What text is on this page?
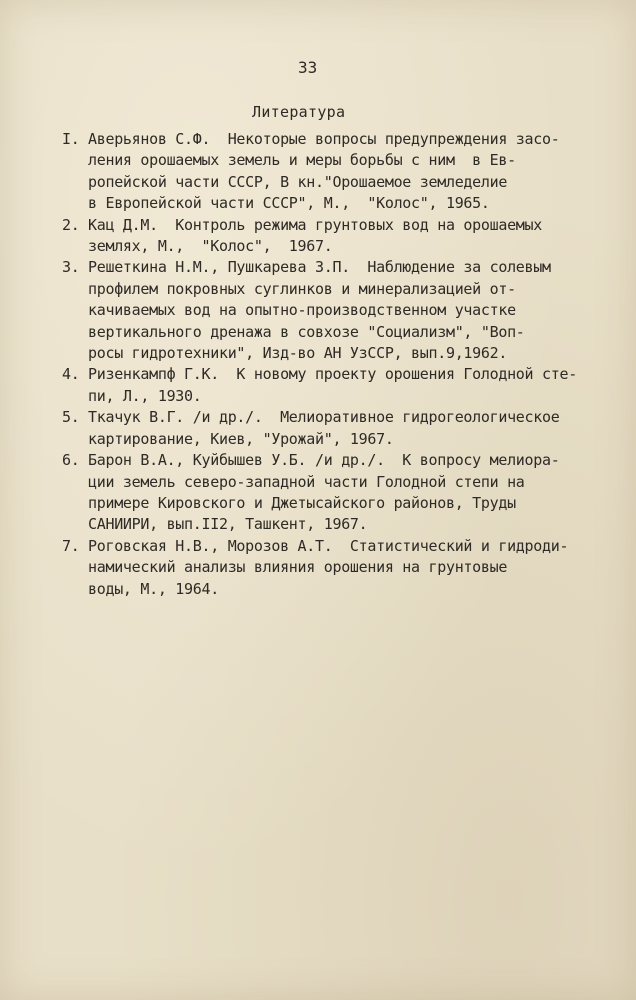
33
Литература
I. Аверьянов С.Ф.  Некоторые вопросы предупреждения засо-
ления орошаемых земель и меры борьбы с ним  в Ев-
ропейской части СССР, В кн."Орошаемое земледелие
в Европейской части СССР", М.,  "Колос", 1965.
2. Кац Д.М.  Контроль режима грунтовых вод на орошаемых
землях, М.,  "Колос",  1967.
3. Решеткина Н.М., Пушкарева З.П.  Наблюдение за солевым
профилем покровных суглинков и минерализацией от-
качиваемых вод на опытно-производственном участке
вертикального дренажа в совхозе "Социализм", "Воп-
росы гидротехники", Изд-во АН УзССР, вып.9,1962.
4. Ризенкампф Г.К.  К новому проекту орошения Голодной сте-
пи, Л., 1930.
5. Ткачук В.Г. /и др./.  Мелиоративное гидрогеологическое
картирование, Киев, "Урожай", 1967.
6. Барон В.А., Куйбышев У.Б. /и др./.  К вопросу мелиора-
ции земель северо-западной части Голодной степи на
примере Кировского и Джетысайского районов, Труды
САНИИРИ, вып.II2, Ташкент, 1967.
7. Роговская Н.В., Морозов А.Т.  Статистический и гидроди-
намический анализы влияния орошения на грунтовые
воды, М., 1964.
